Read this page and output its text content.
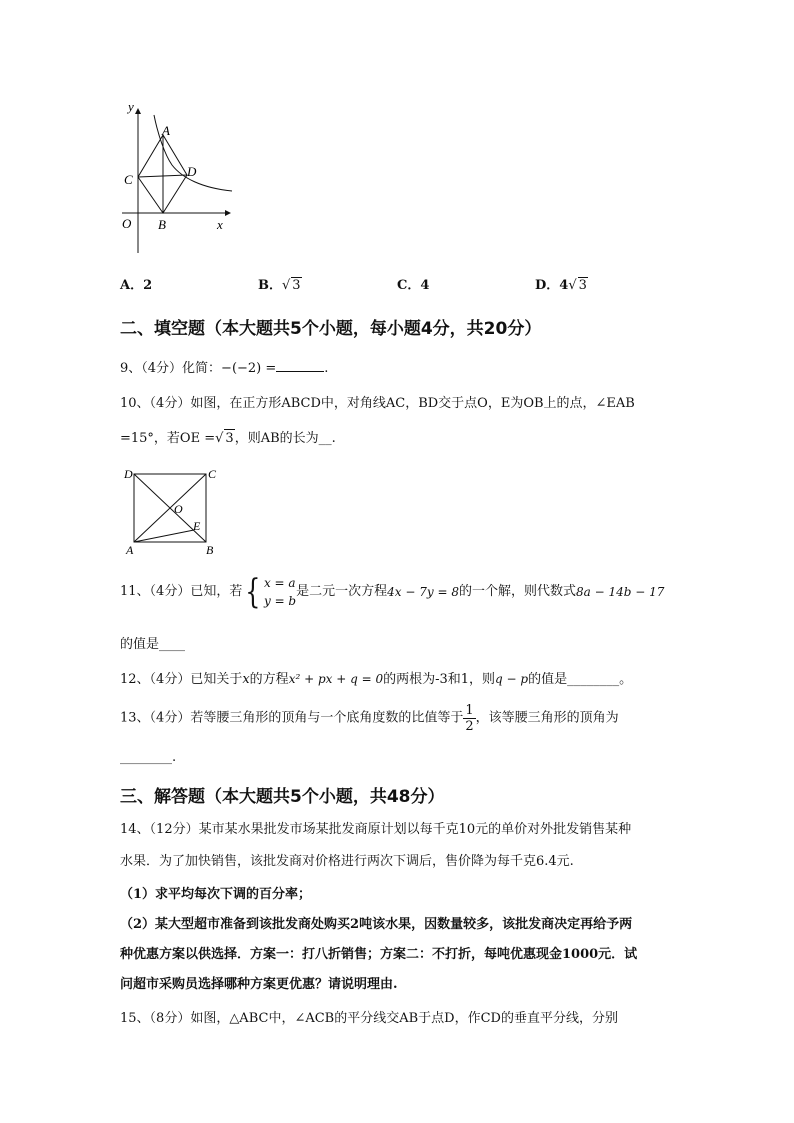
y
x
O
A
B
C
D
A．2	B．√ 3	C．4	D．4√ 3
二、填空题（本大题共5个小题，每小题4分，共20分）
9、（4分）化简：−(−2) =	.
10、（4分）如图，在正方形ABCD中，对角线AC，BD交于点O，E为OB上的点，∠EAB
=15°，若OE =√ 3，则AB的长为__.
D	C
A	B
O
E
11、（4分）已知，若{ x = a
y = b
是二元一次方程4x − 7y = 8的一个解，则代数式8a − 14b − 17
的值是____
12、（4分）已知关于x的方程x² + px + q = 0的两根为-3和1，则q − p的值是________。
13、（4分）若等腰三角形的顶角与一个底角度数的比值等于 $\frac{1}{2}$ ，该等腰三角形的顶角为
________.
三、解答题（本大题共5个小题，共48分）
14、（12分）某市某水果批发市场某批发商原计划以每千克10元的单价对外批发销售某种
水果．为了加快销售，该批发商对价格进行两次下调后，售价降为每千克6.4元.
（1）求平均每次下调的百分率；
（2）某大型超市准备到该批发商处购买2吨该水果，因数量较多，该批发商决定再给予两
种优惠方案以供选择．方案一：打八折销售；方案二：不打折，每吨优惠现金1000元．试
问超市采购员选择哪种方案更优惠？请说明理由.
15、（8分）如图，△ABC中，∠ACB的平分线交AB于点D，作CD的垂直平分线，分别
